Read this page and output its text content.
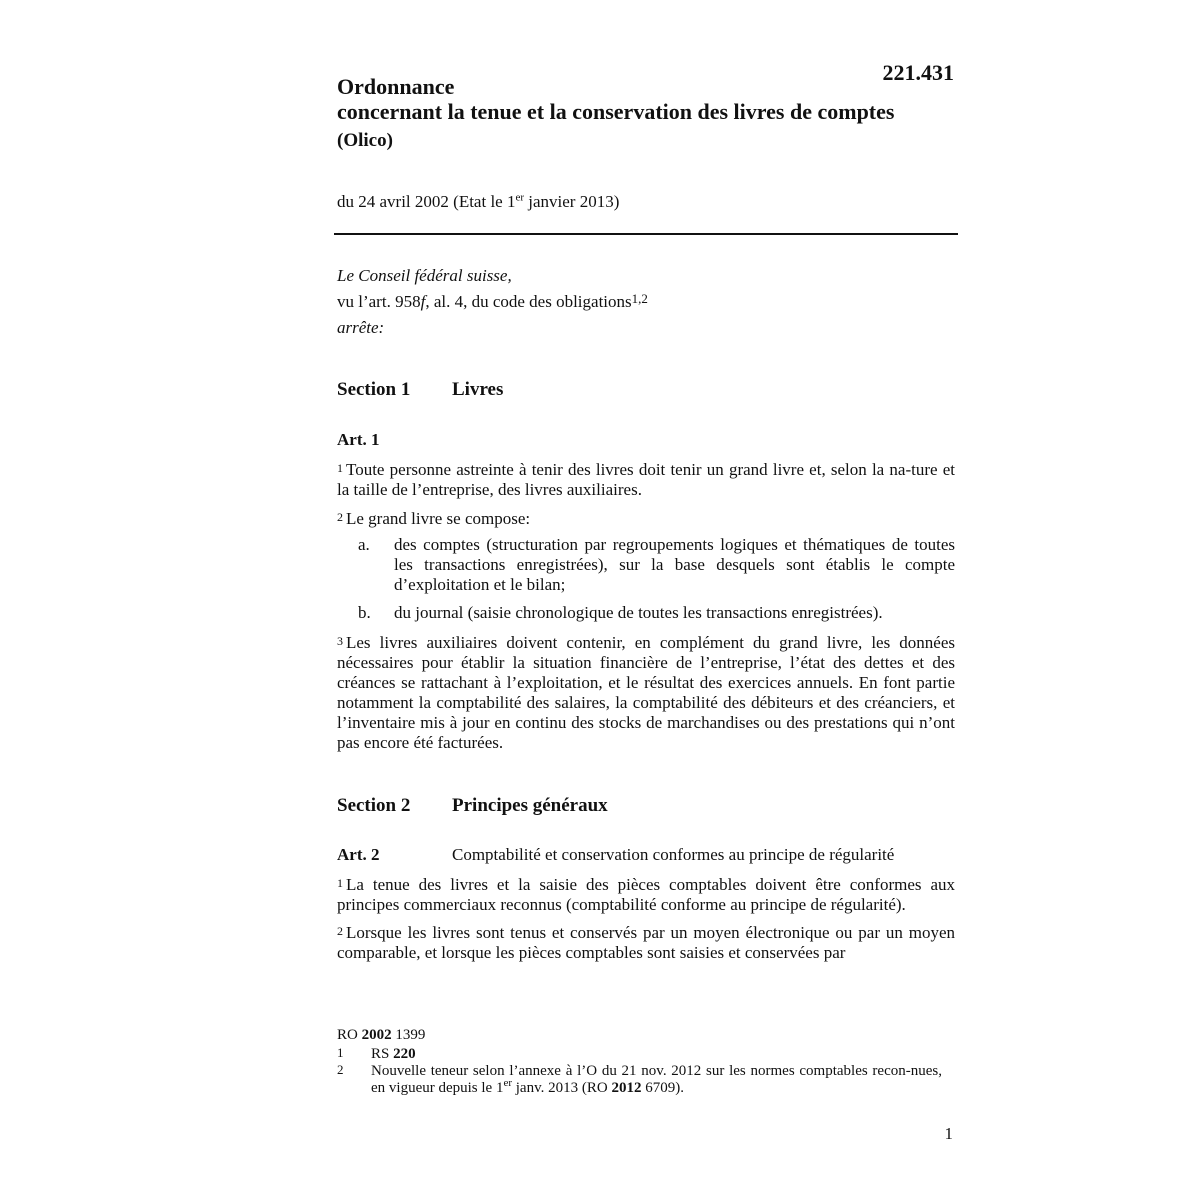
221.431
Ordonnance
concernant la tenue et la conservation des livres de comptes
(Olico)
du 24 avril 2002 (Etat le 1er janvier 2013)
Le Conseil fédéral suisse,
vu l’art. 958f, al. 4, du code des obligations$^{1,2}$
arrête:
Section 1 Livres
Art. 1
1 Toute personne astreinte à tenir des livres doit tenir un grand livre et, selon la na-ture et la taille de l’entreprise, des livres auxiliaires.
2 Le grand livre se compose:
a. des comptes (structuration par regroupements logiques et thématiques de toutes les transactions enregistrées), sur la base desquels sont établis le compte d’exploitation et le bilan;
b. du journal (saisie chronologique de toutes les transactions enregistrées).
3 Les livres auxiliaires doivent contenir, en complément du grand livre, les données nécessaires pour établir la situation financière de l’entreprise, l’état des dettes et des créances se rattachant à l’exploitation, et le résultat des exercices annuels. En font partie notamment la comptabilité des salaires, la comptabilité des débiteurs et des créanciers, et l’inventaire mis à jour en continu des stocks de marchandises ou des prestations qui n’ont pas encore été facturées.
Section 2 Principes généraux
Art. 2	Comptabilité et conservation conformes au principe de régularité
1 La tenue des livres et la saisie des pièces comptables doivent être conformes aux principes commerciaux reconnus (comptabilité conforme au principe de régularité).
2 Lorsque les livres sont tenus et conservés par un moyen électronique ou par un moyen comparable, et lorsque les pièces comptables sont saisies et conservées par
RO 2002 1399
1 RS 220
2 Nouvelle teneur selon l’annexe à l’O du 21 nov. 2012 sur les normes comptables recon-nues, en vigueur depuis le 1er janv. 2013 (RO 2012 6709).
1
